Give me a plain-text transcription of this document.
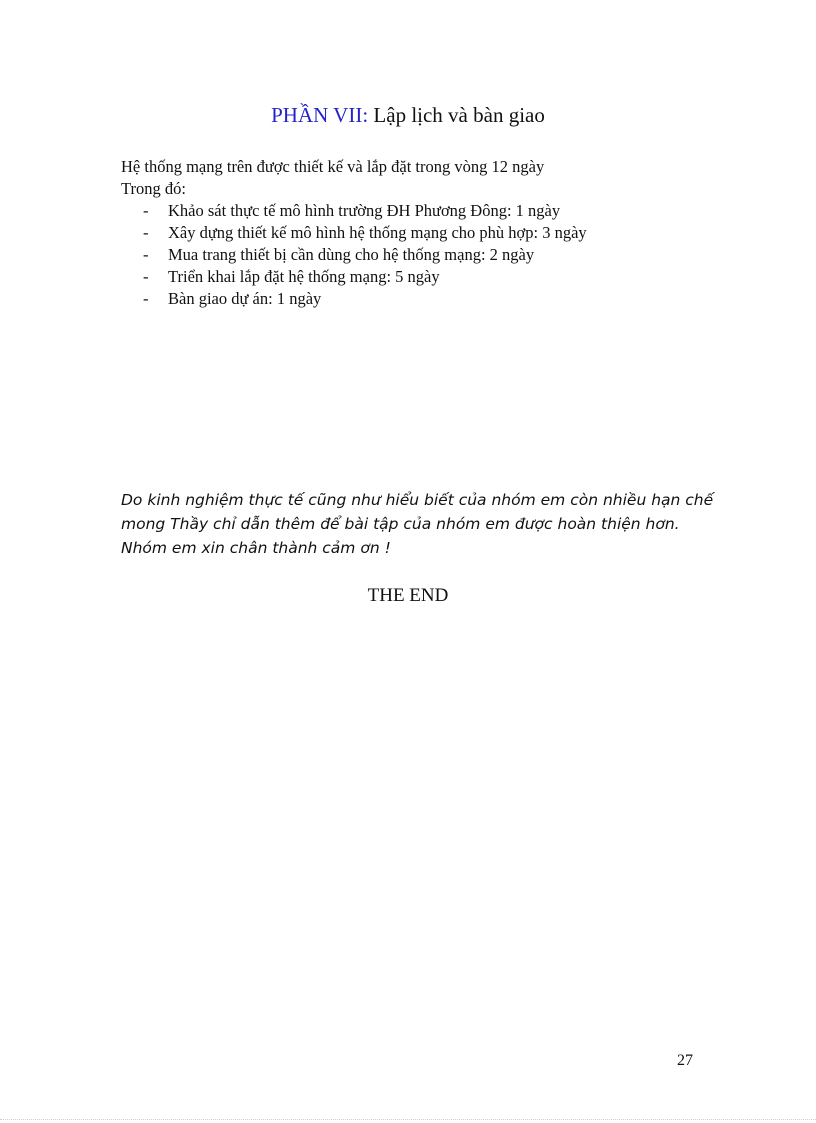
PHẦN VII: Lập lịch và bàn giao
Hệ thống mạng trên được thiết kế và lắp đặt trong vòng 12 ngày
Trong đó:
- Khảo sát thực tế mô hình trường ĐH Phương Đông: 1 ngày
- Xây dựng thiết kế mô hình hệ thống mạng cho phù hợp: 3 ngày
- Mua trang thiết bị cần dùng cho hệ thống mạng: 2 ngày
- Triển khai lắp đặt hệ thống mạng: 5 ngày
- Bàn giao dự án: 1 ngày
Do kinh nghiệm thực tế cũng như hiểu biết của nhóm em còn nhiều hạn chế
mong Thầy chỉ dẫn thêm để bài tập của nhóm em được hoàn thiện hơn.
Nhóm em xin chân thành cảm ơn !
THE END
27
